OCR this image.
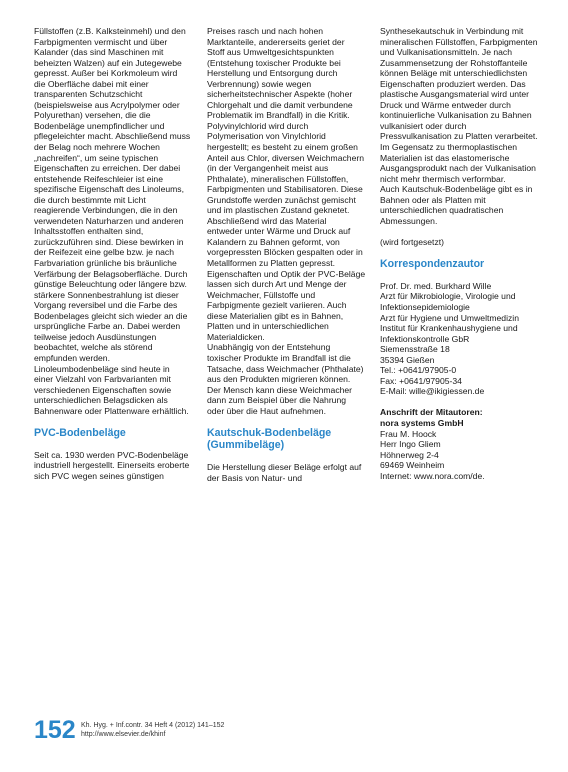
Füllstoffen (z.B. Kalksteinmehl) und den
Farbpigmenten vermischt und über
Kalander (das sind Maschinen mit
beheizten Walzen) auf ein Jutegewebe
gepresst. Außer bei Korkmoleum wird
die Oberfläche dabei mit einer
transparenten Schutzschicht
(beispielsweise aus Acrylpolymer oder
Polyurethan) versehen, die die
Bodenbeläge unempfindlicher und
pflegeleichter macht. Abschließend muss
der Belag noch mehrere Wochen
„nachreifen“, um seine typischen
Eigenschaften zu erreichen. Der dabei
entstehende Reifeschleier ist eine
spezifische Eigenschaft des Linoleums,
die durch bestimmte mit Licht
reagierende Verbindungen, die in den
verwendeten Naturharzen und anderen
Inhaltsstoffen enthalten sind,
zurückzuführen sind. Diese bewirken in
der Reifezeit eine gelbe bzw. je nach
Farbvariation grünliche bis bräunliche
Verfärbung der Belagsoberfläche. Durch
günstige Beleuchtung oder längere bzw.
stärkere Sonnenbestrahlung ist dieser
Vorgang reversibel und die Farbe des
Bodenbelages gleicht sich wieder an die
ursprüngliche Farbe an. Dabei werden
teilweise jedoch Ausdünstungen
beobachtet, welche als störend
empfunden werden.
Linoleumbodenbeläge sind heute in
einer Vielzahl von Farbvarianten mit
verschiedenen Eigenschaften sowie
unterschiedlichen Belagsdicken als
Bahnenware oder Plattenware erhältlich.
PVC-Bodenbeläge
Seit ca. 1930 werden PVC-Bodenbeläge
industriell hergestellt. Einerseits eroberte
sich PVC wegen seines günstigen
Preises rasch und nach hohen
Marktanteile, andererseits geriet der
Stoff aus Umweltgesichtspunkten
(Entstehung toxischer Produkte bei
Herstellung und Entsorgung durch
Verbrennung) sowie wegen
sicherheitstechnischer Aspekte (hoher
Chlorgehalt und die damit verbundene
Problematik im Brandfall) in die Kritik.
Polyvinylchlorid wird durch
Polymerisation von Vinylchlorid
hergestellt; es besteht zu einem großen
Anteil aus Chlor, diversen Weichmachern
(in der Vergangenheit meist aus
Phthalate), mineralischen Füllstoffen,
Farbpigmenten und Stabilisatoren. Diese
Grundstoffe werden zunächst gemischt
und im plastischen Zustand geknetet.
Abschließend wird das Material
entweder unter Wärme und Druck auf
Kalandern zu Bahnen geformt, von
vorgepressten Blöcken gespalten oder in
Metallformen zu Platten gepresst.
Eigenschaften und Optik der PVC-Beläge
lassen sich durch Art und Menge der
Weichmacher, Füllstoffe und
Farbpigmente gezielt variieren. Auch
diese Materialien gibt es in Bahnen,
Platten und in unterschiedlichen
Materialdicken.
Unabhängig von der Entstehung
toxischer Produkte im Brandfall ist die
Tatsache, dass Weichmacher (Phthalate)
aus den Produkten migrieren können.
Der Mensch kann diese Weichmacher
dann zum Beispiel über die Nahrung
oder über die Haut aufnehmen.
Kautschuk-Bodenbeläge
(Gummibeläge)
Die Herstellung dieser Beläge erfolgt auf
der Basis von Natur- und
Synthesekautschuk in Verbindung mit
mineralischen Füllstoffen, Farbpigmenten
und Vulkanisationsmitteln. Je nach
Zusammensetzung der Rohstoffanteile
können Beläge mit unterschiedlichsten
Eigenschaften produziert werden. Das
plastische Ausgangsmaterial wird unter
Druck und Wärme entweder durch
kontinuierliche Vulkanisation zu Bahnen
vulkanisiert oder durch
Pressvulkanisation zu Platten verarbeitet.
Im Gegensatz zu thermoplastischen
Materialien ist das elastomerische
Ausgangsprodukt nach der Vulkanisation
nicht mehr thermisch verformbar.
Auch Kautschuk-Bodenbeläge gibt es in
Bahnen oder als Platten mit
unterschiedlichen quadratischen
Abmessungen.
(wird fortgesetzt)
Korrespondenzautor
Prof. Dr. med. Burkhard Wille
Arzt für Mikrobiologie, Virologie und
Infektionsepidemiologie
Arzt für Hygiene und Umweltmedizin
Institut für Krankenhaushygiene und
Infektionskontrolle GbR
Siemensstraße 18
35394 Gießen
Tel.: +0641/97905-0
Fax: +0641/97905-34
E-Mail: wille@ikigiessen.de
Anschrift der Mitautoren:
nora systems GmbH
Frau M. Hoock
Herr Ingo Gliem
Höhnerweg 2-4
69469 Weinheim
Internet: www.nora.com/de.
152 Kh. Hyg. + Inf.contr. 34 Heft 4 (2012) 141–152
http://www.elsevier.de/khinf
